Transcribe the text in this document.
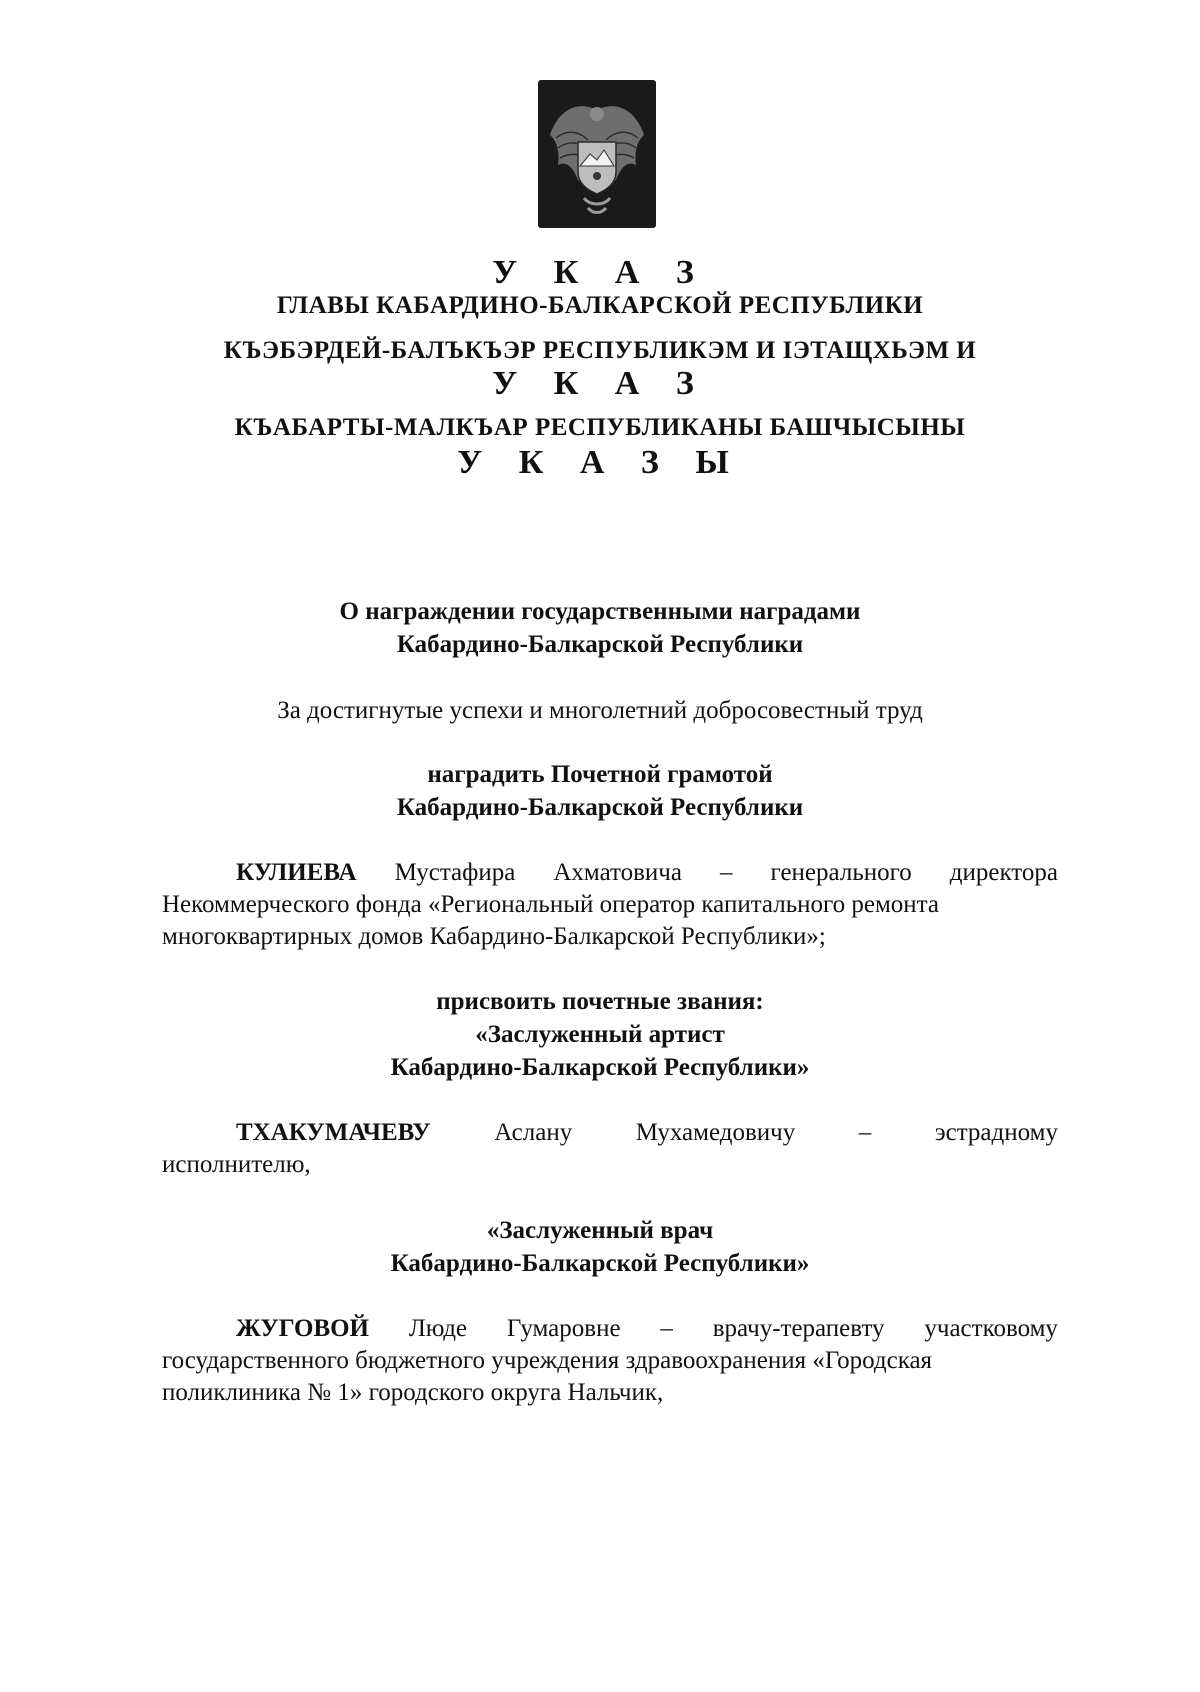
У К А З
ГЛАВЫ КАБАРДИНО-БАЛКАРСКОЙ РЕСПУБЛИКИ
КЪЭБЭРДЕЙ-БАЛЪКЪЭР РЕСПУБЛИКЭМ И IЭТАЩХЬЭМ И
У К А З
КЪАБАРТЫ-МАЛКЪАР РЕСПУБЛИКАНЫ БАШЧЫСЫНЫ
У К А З Ы
О награждении государственными наградами
Кабардино-Балкарской Республики
За достигнутые успехи и многолетний добросовестный труд
наградить Почетной грамотой
Кабардино-Балкарской Республики
КУЛИЕВА Мустафира Ахматовича – генерального директора
Некоммерческого фонда «Региональный оператор капитального ремонта
многоквартирных домов Кабардино-Балкарской Республики»;
присвоить почетные звания:
«Заслуженный артист
Кабардино-Балкарской Республики»
ТХАКУМАЧЕВУ	Аслану	Мухамедовичу	–	эстрадному
исполнителю,
«Заслуженный врач
Кабардино-Балкарской Республики»
ЖУГОВОЙ Люде Гумаровне – врачу-терапевту участковому
государственного бюджетного учреждения здравоохранения «Городская
поликлиника № 1» городского округа Нальчик,
